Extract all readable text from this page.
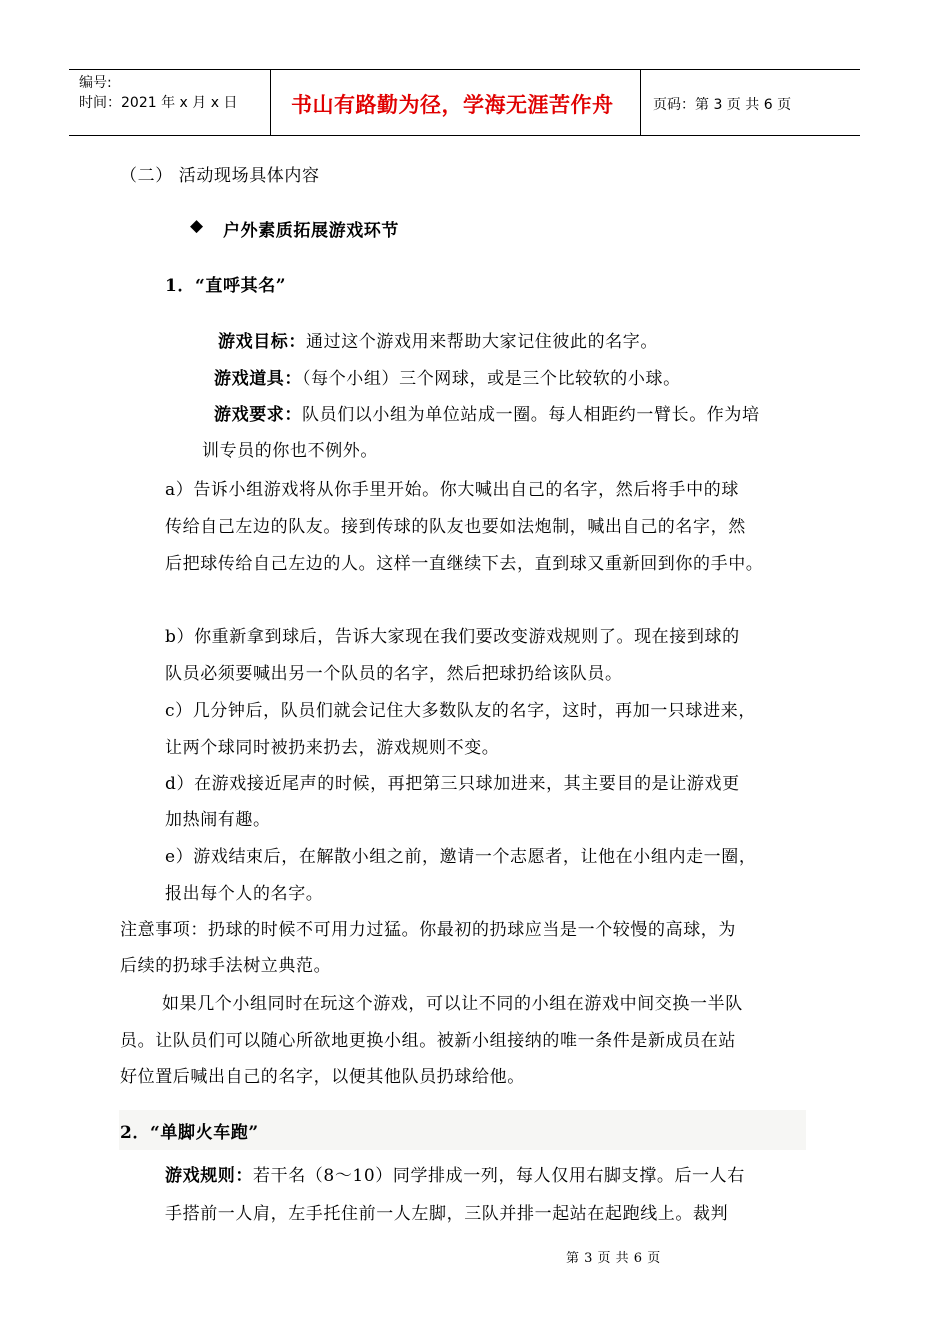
编号:
时间：2021 年 x 月 x 日	书山有路勤为径，学海无涯苦作舟	页码：第 3 页 共 6 页
（二） 活动现场具体内容
◆ 户外素质拓展游戏环节
1．“直呼其名”
游戏目标：通过这个游戏用来帮助大家记住彼此的名字。
游戏道具：（每个小组）三个网球，或是三个比较软的小球。
游戏要求：队员们以小组为单位站成一圈。每人相距约一臂长。作为培
训专员的你也不例外。
a）告诉小组游戏将从你手里开始。你大喊出自己的名字，然后将手中的球
传给自己左边的队友。接到传球的队友也要如法炮制，喊出自己的名字，然
后把球传给自己左边的人。这样一直继续下去，直到球又重新回到你的手中。
b）你重新拿到球后，告诉大家现在我们要改变游戏规则了。现在接到球的
队员必须要喊出另一个队员的名字，然后把球扔给该队员。
c）几分钟后，队员们就会记住大多数队友的名字，这时，再加一只球进来，
让两个球同时被扔来扔去，游戏规则不变。
d）在游戏接近尾声的时候，再把第三只球加进来，其主要目的是让游戏更
加热闹有趣。
e）游戏结束后，在解散小组之前，邀请一个志愿者，让他在小组内走一圈，
报出每个人的名字。
注意事项：扔球的时候不可用力过猛。你最初的扔球应当是一个较慢的高球，为
后续的扔球手法树立典范。
如果几个小组同时在玩这个游戏，可以让不同的小组在游戏中间交换一半队
员。让队员们可以随心所欲地更换小组。被新小组接纳的唯一条件是新成员在站
好位置后喊出自己的名字，以便其他队员扔球给他。
2．“单脚火车跑”
游戏规则：若干名（8～10）同学排成一列，每人仅用右脚支撑。后一人右
手搭前一人肩，左手托住前一人左脚，三队并排一起站在起跑线上。裁判
第 3 页 共 6 页
